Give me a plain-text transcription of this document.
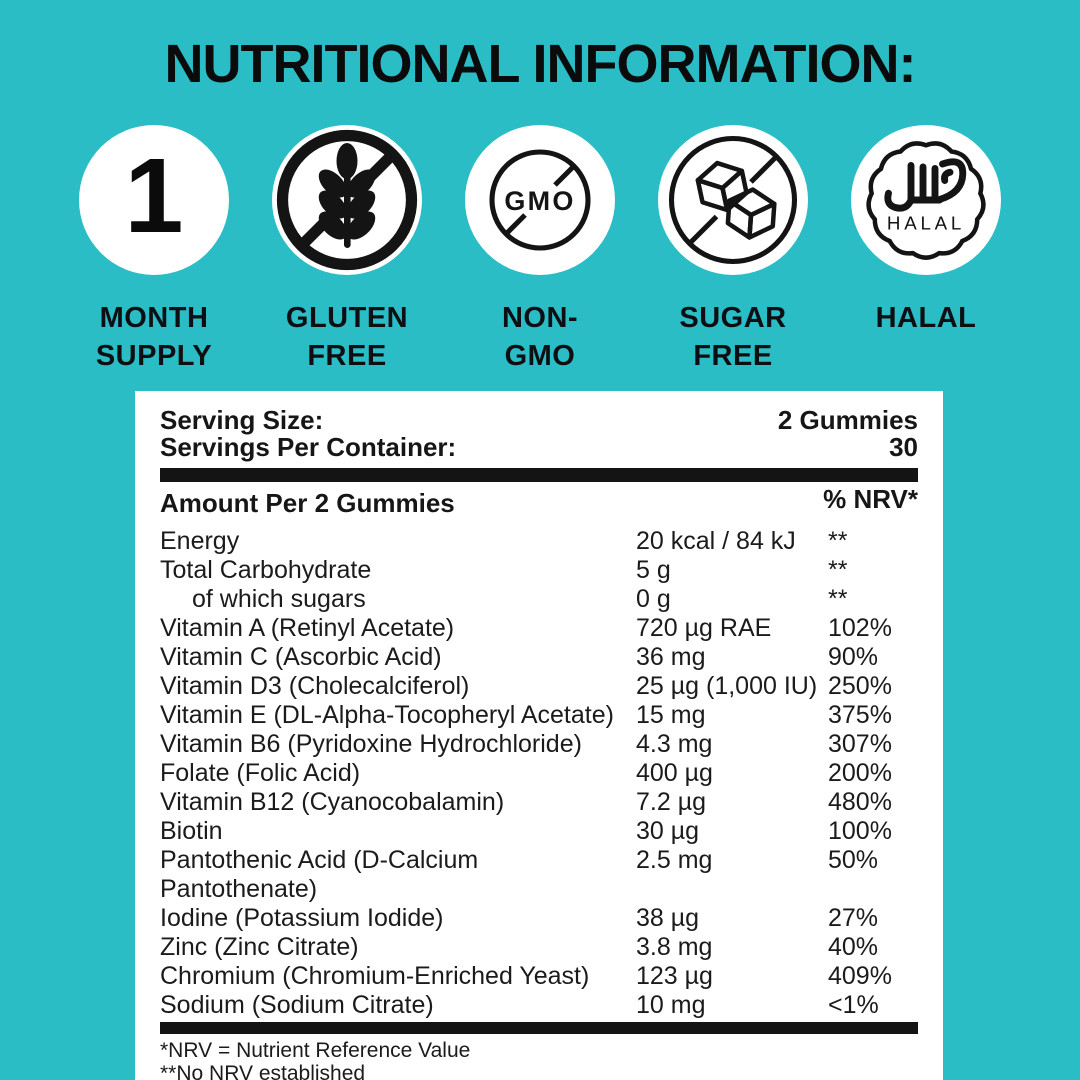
NUTRITIONAL INFORMATION:
1
MONTH
SUPPLY
GLUTEN
FREE
GMO
NON-
GMO
SUGAR
FREE
HALAL
HALAL
Serving Size:	2 Gummies
Servings Per Container:	30
Amount Per 2 Gummies	% NRV*
Energy	20 kcal / 84 kJ	**
Total Carbohydrate	5 g	**
of which sugars	0 g	**
Vitamin A (Retinyl Acetate)	720 µg RAE	102%
Vitamin C (Ascorbic Acid)	36 mg	90%
Vitamin D3 (Cholecalciferol)	25 µg (1,000 IU) 250%
Vitamin E (DL-Alpha-Tocopheryl Acetate) 15 mg	375%
Vitamin B6 (Pyridoxine Hydrochloride)	4.3 mg	307%
Folate (Folic Acid)	400 µg	200%
Vitamin B12 (Cyanocobalamin)	7.2 µg	480%
Biotin	30 µg	100%
Pantothenic Acid (D-Calcium Pantothenate)
2.5 mg	50%
Iodine (Potassium Iodide)	38 µg	27%
Zinc (Zinc Citrate)	3.8 mg	40%
Chromium (Chromium-Enriched Yeast)	123 µg	409%
Sodium (Sodium Citrate)	10 mg	<1%
*NRV = Nutrient Reference Value
**No NRV established
